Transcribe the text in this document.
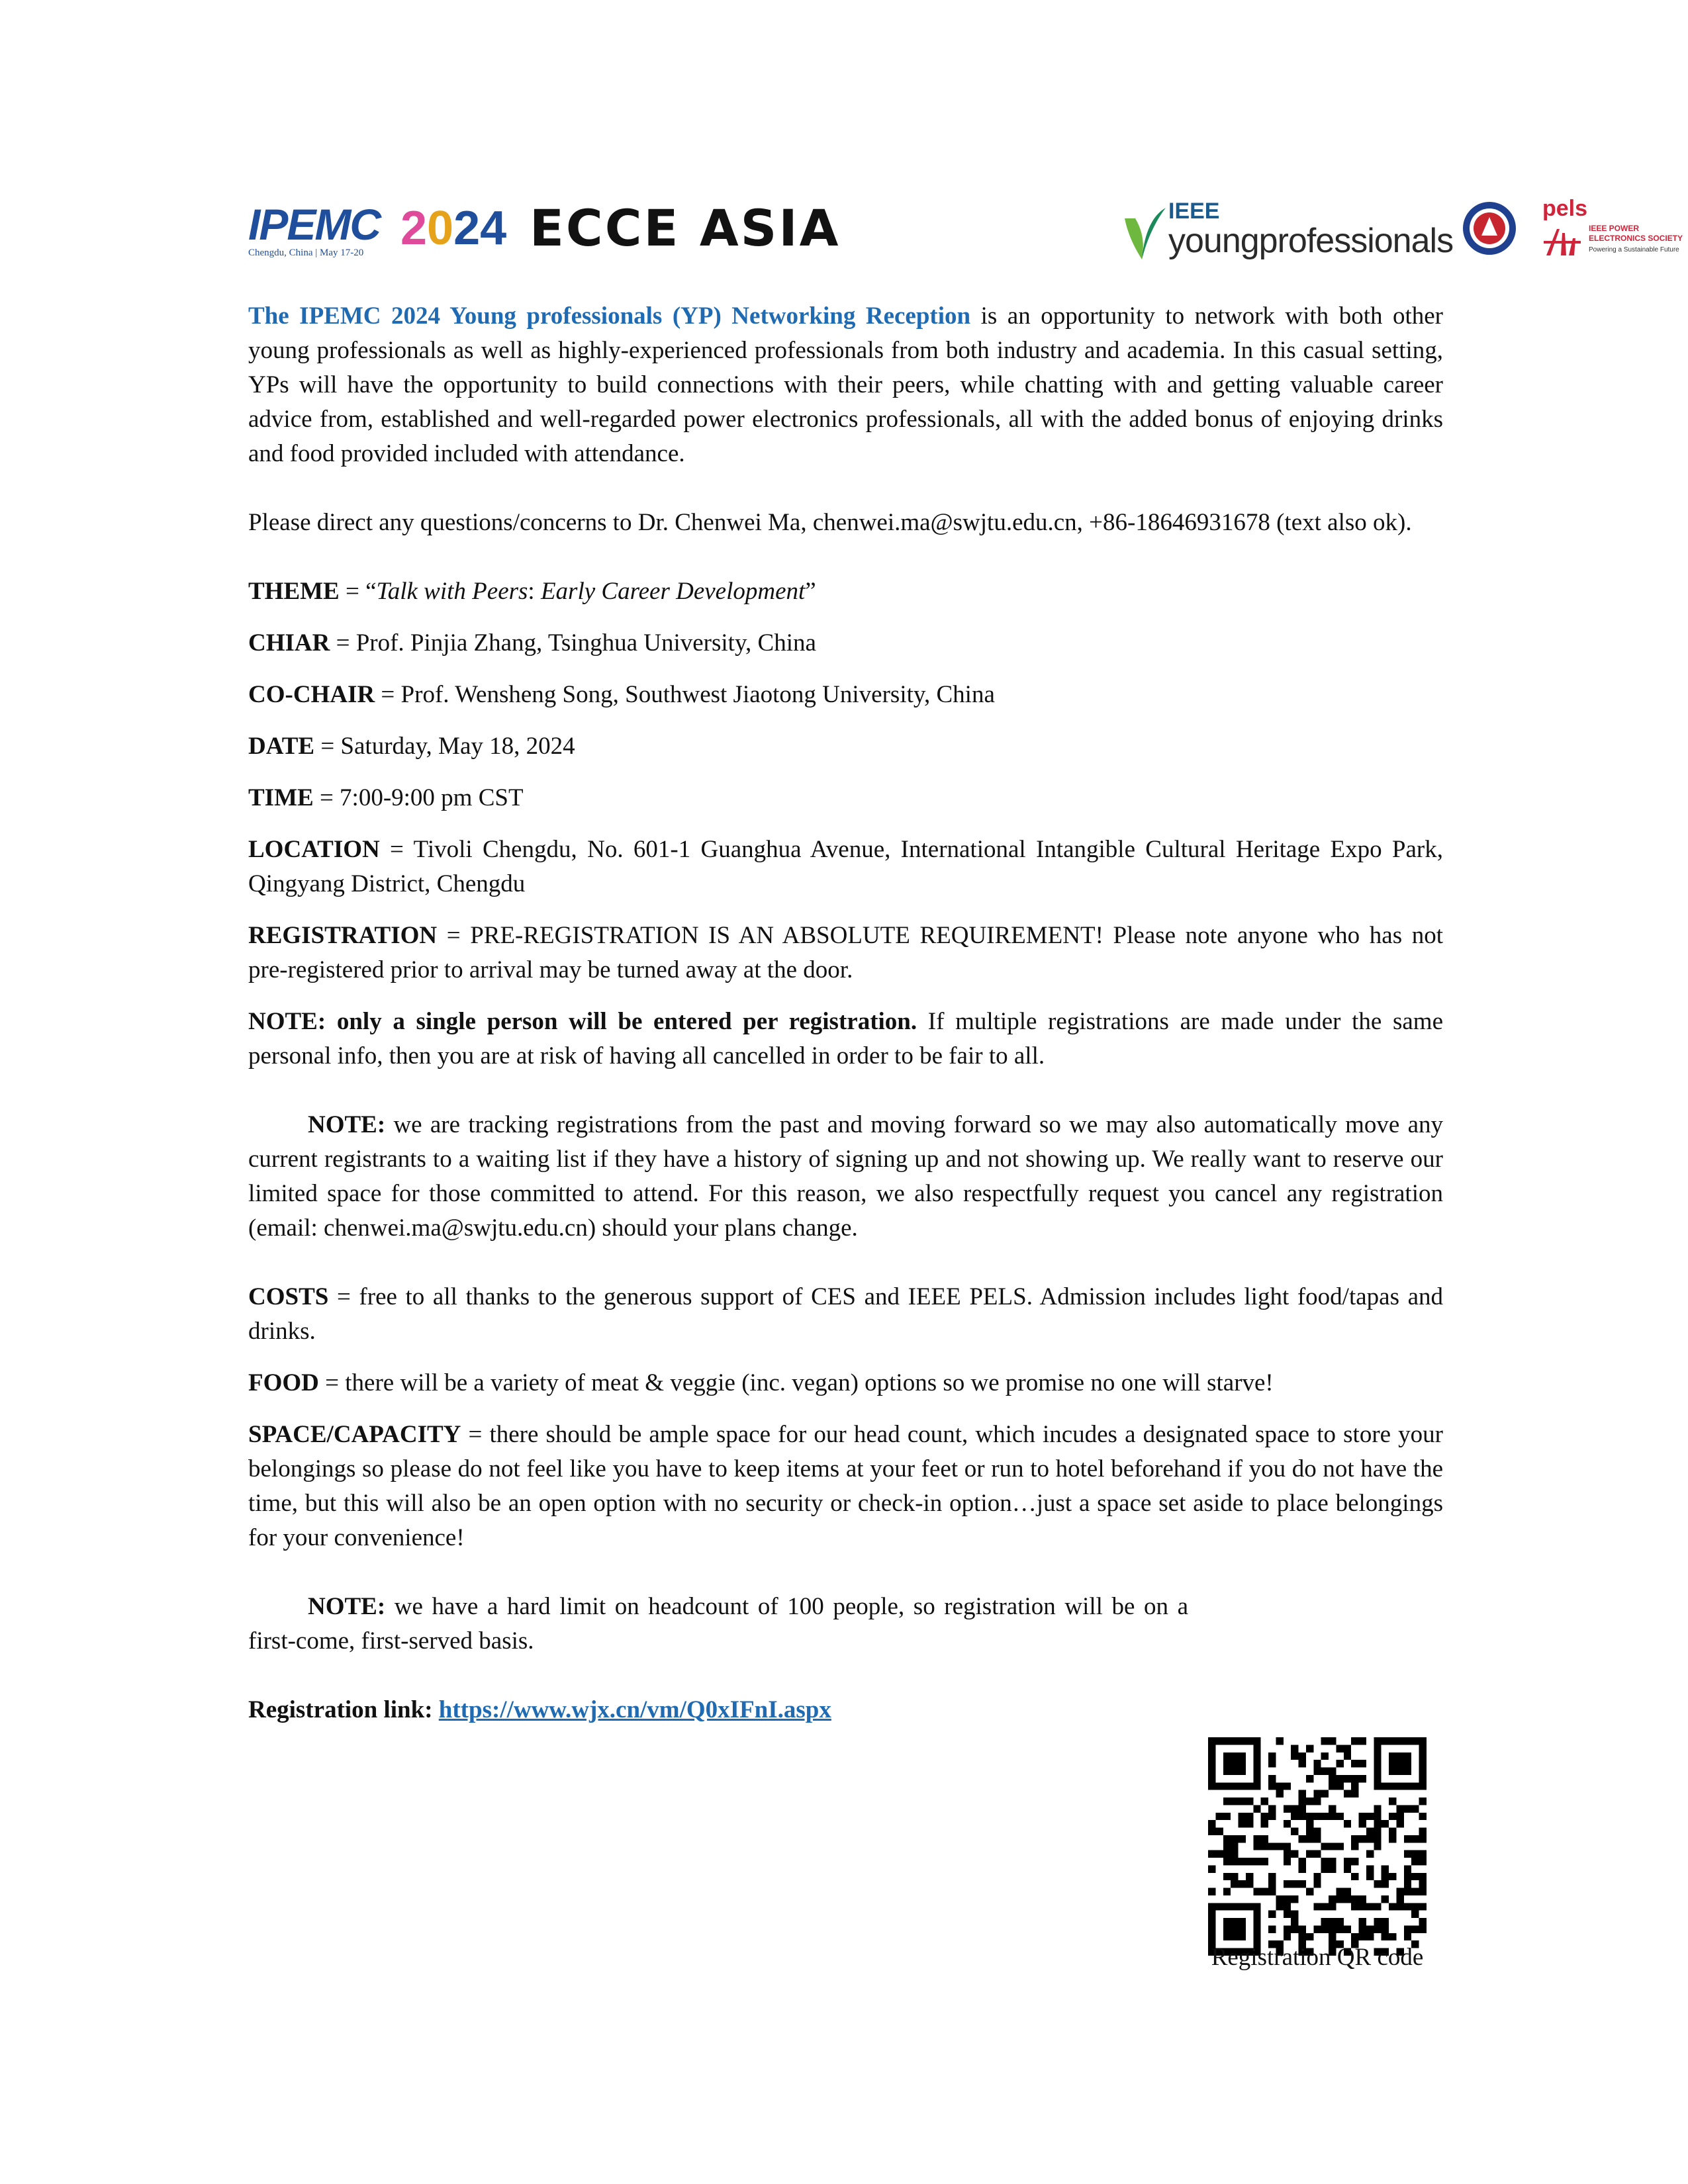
IPEMC
Chengdu, China | May 17-20 2024 ECCE ASIA	IEEE
youngprofessionals
pels
IEEE POWER
ELECTRONICS SOCIETY
Powering a Sustainable Future

The IPEMC 2024 Young professionals (YP) Networking Reception is an opportunity to network with both other young professionals as well as highly-experienced professionals from both industry and academia. In this casual setting, YPs will have the opportunity to build connections with their peers, while chatting with and getting valuable career advice from, established and well-regarded power electronics professionals, all with the added bonus of enjoying drinks and food provided included with attendance.

Please direct any questions/concerns to Dr. Chenwei Ma, chenwei.ma@swjtu.edu.cn, +86-18646931678 (text also ok).

THEME = “Talk with Peers: Early Career Development”

CHIAR = Prof. Pinjia Zhang, Tsinghua University, China

CO-CHAIR = Prof. Wensheng Song, Southwest Jiaotong University, China

DATE = Saturday, May 18, 2024

TIME = 7:00-9:00 pm CST

LOCATION = Tivoli Chengdu, No. 601-1 Guanghua Avenue, International Intangible Cultural Heritage Expo Park, Qingyang District, Chengdu

REGISTRATION = PRE-REGISTRATION IS AN ABSOLUTE REQUIREMENT! Please note anyone who has not pre-registered prior to arrival may be turned away at the door.

NOTE: only a single person will be entered per registration. If multiple registrations are made under the same personal info, then you are at risk of having all cancelled in order to be fair to all.

NOTE: we are tracking registrations from the past and moving forward so we may also automatically move any current registrants to a waiting list if they have a history of signing up and not showing up. We really want to reserve our limited space for those committed to attend. For this reason, we also respectfully request you cancel any registration (email: chenwei.ma@swjtu.edu.cn) should your plans change.

COSTS = free to all thanks to the generous support of CES and IEEE PELS. Admission includes light food/tapas and drinks.

FOOD = there will be a variety of meat & veggie (inc. vegan) options so we promise no one will starve!

SPACE/CAPACITY = there should be ample space for our head count, which incudes a designated space to store your belongings so please do not feel like you have to keep items at your feet or run to hotel beforehand if you do not have the time, but this will also be an open option with no security or check-in option…just a space set aside to place belongings for your convenience!

NOTE: we have a hard limit on headcount of 100 people, so registration will be on a first-come, first-served basis.

Registration link: https://www.wjx.cn/vm/Q0xIFnI.aspx

Registration QR code
